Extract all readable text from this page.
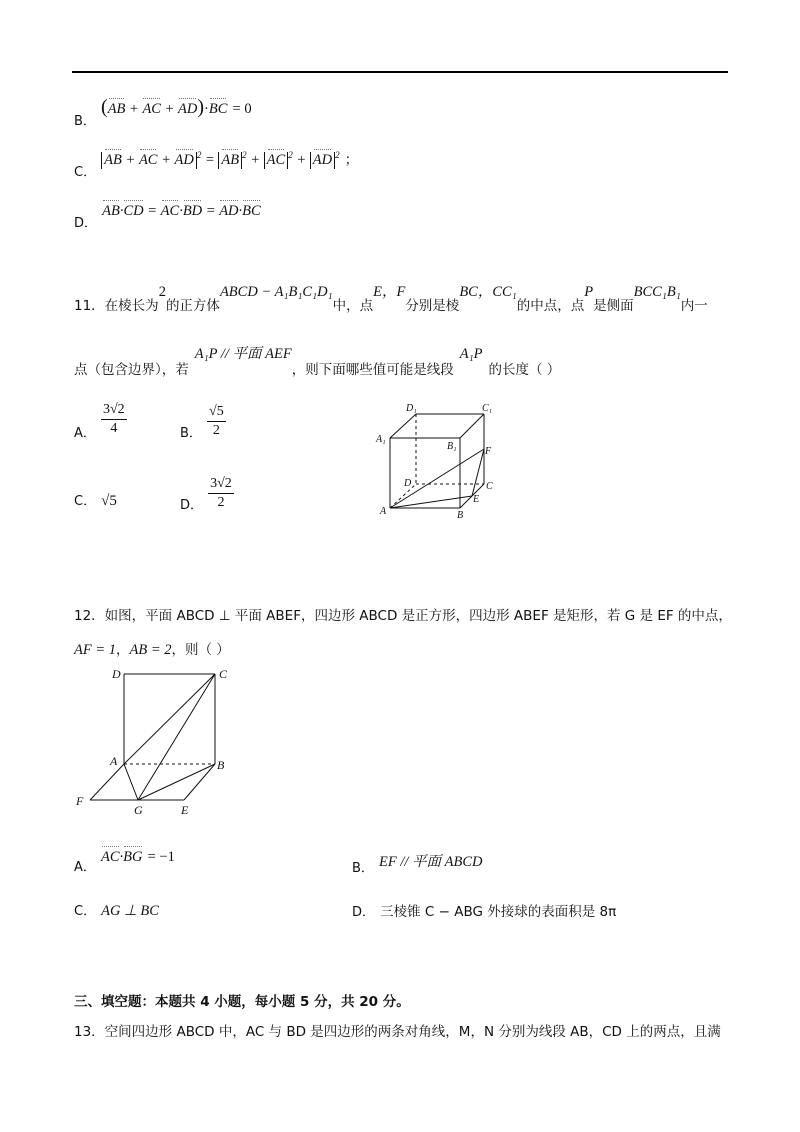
$_{B.}$ (AB + AC + AD)·BC = 0
$_{C.}$ AB + AC + AD $^2$ = AB $^2$ + AC $^2$ + AD $^2$ ；
$_{D.}$ AB·CD = AC·BD = AD·BC
$_{11.在棱长为}2_{的正方体}ABCD - A_1B_1C_1D_1_{中,点}E$，$F_{分别是棱}BC$，$CC_1_{的中点,点}P_{是侧面}BCC_1B_1_{内一}$
$_{点(包含边界),若}$A₁P // 平面 $AEF_{,则下面哪些值可能是线段}A_1P_{的长度( )}$
$_{A.} \frac{3√2}{4}$	$_{B.} \frac{√5}{2}$
C． √5	$_{D.} \frac{3√2}{2}$
D₁	C₁
A₁
B₁	F
D	C
E
A	B
12．如图，平面 ABCD ⊥ 平面 ABEF，四边形 ABCD 是正方形，四边形 ABEF 是矩形，若 G 是 EF 的中点，
AF = 1，AB = 2，则（ ）
D	C
A	B
F
G	E
$_{A.}$ AC·BG = −1
$_{B.}$ EF // 平面 ABCD
C． AG ⊥ BC	D． 三棱锥 C − ABG 外接球的表面积是 8π
三、填空题：本题共 4 小题，每小题 5 分，共 20 分。
13．空间四边形 ABCD 中，AC 与 BD 是四边形的两条对角线，M，N 分别为线段 AB，CD 上的两点，且满
